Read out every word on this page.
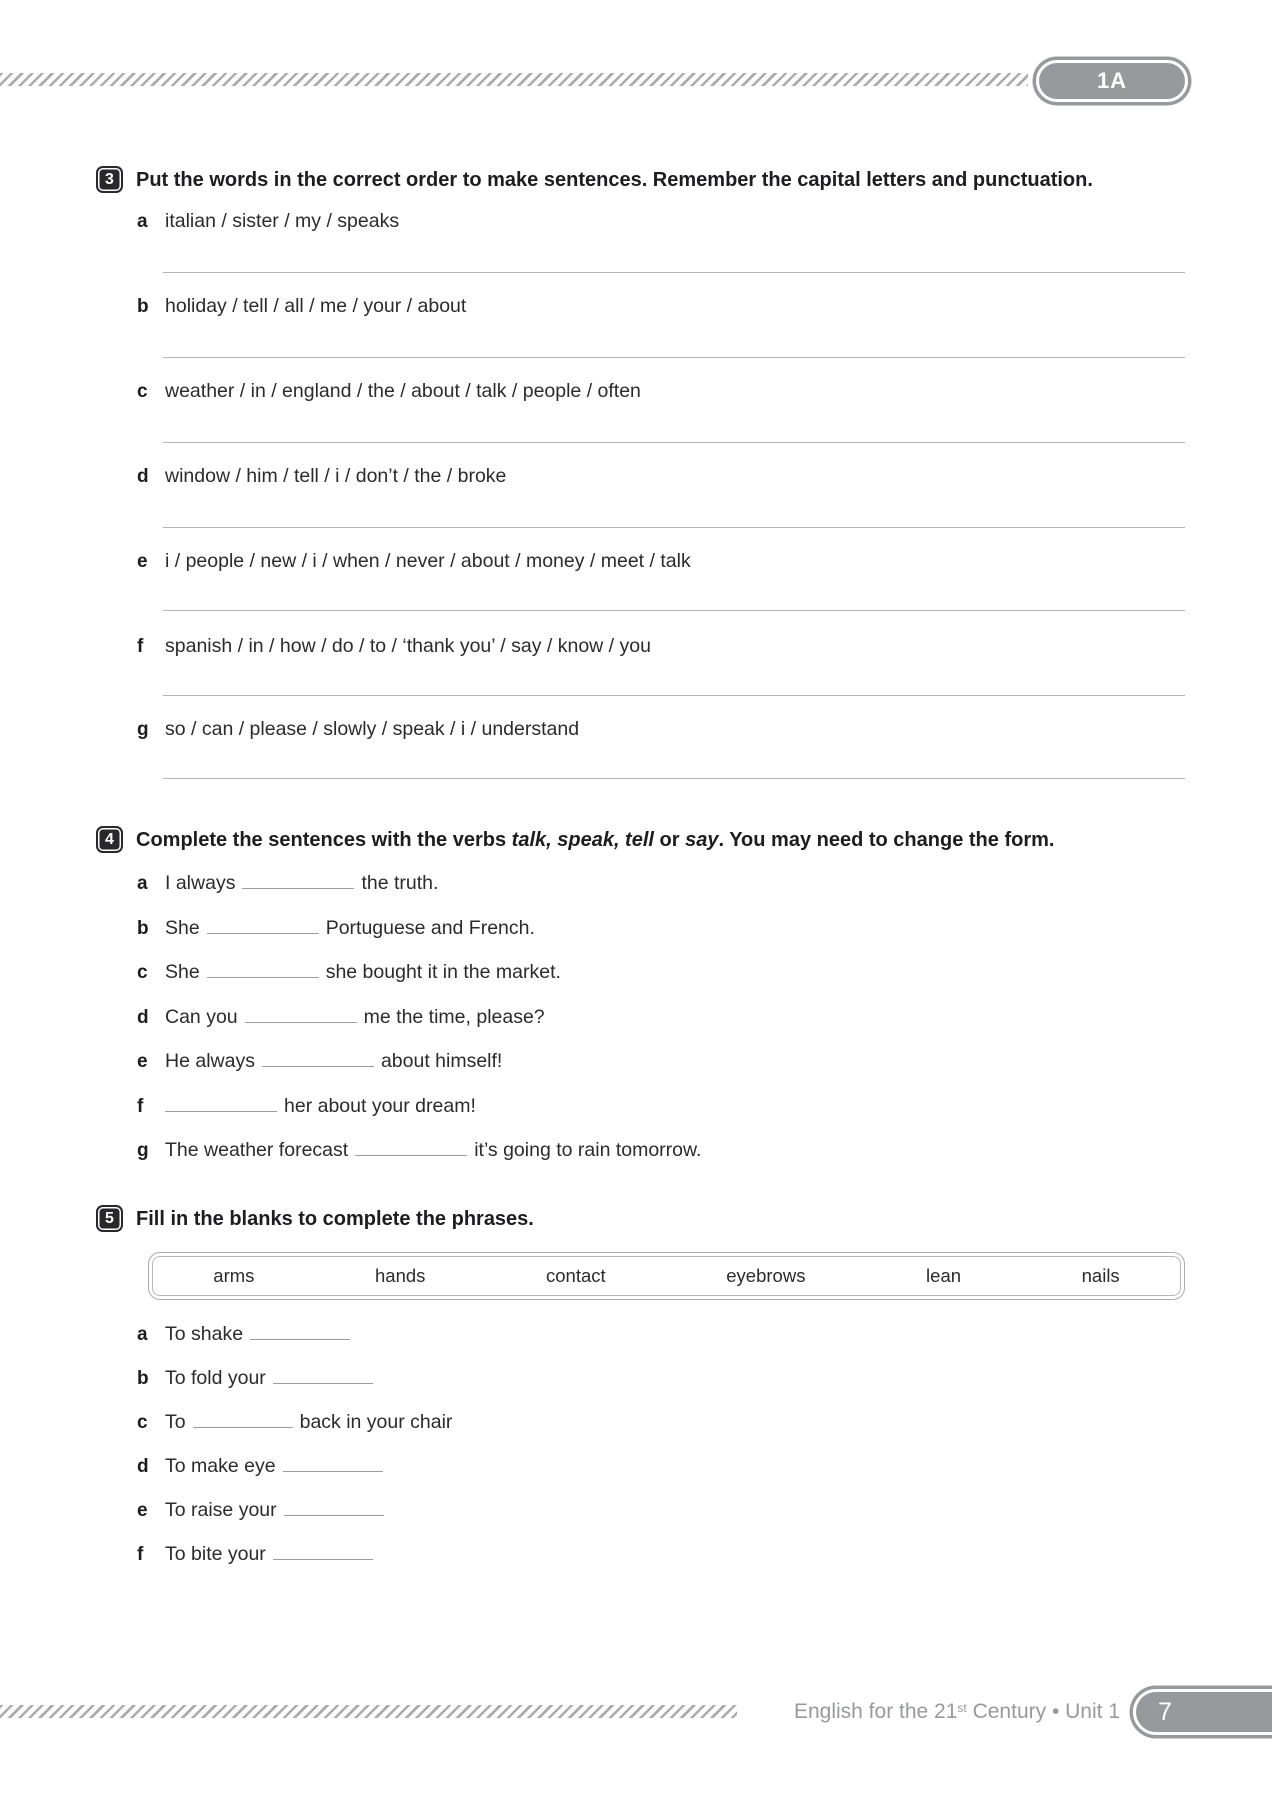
1A
3 Put the words in the correct order to make sentences. Remember the capital letters and punctuation.
a italian / sister / my / speaks
b holiday / tell / all / me / your / about
c weather / in / england / the / about / talk / people / often
d window / him / tell / i / don’t / the / broke
e i / people / new / i / when / never / about / money / meet / talk
f	spanish / in / how / do / to / ‘thank you’ / say / know / you
g so / can / please / slowly / speak / i / understand
4 Complete the sentences with the verbs talk, speak, tell or say. You may need to change the form.
a I always	the truth.
b She	Portuguese and French.
c She	she bought it in the market.
d Can you	me the time, please?
e He always	about himself!
f	her about your dream!
g The weather forecast	it’s going to rain tomorrow.
5 Fill in the blanks to complete the phrases.
arms	hands	contact	eyebrows	lean	nails
a To shake
b To fold your
c To	back in your chair
d To make eye
e To raise your
f	To bite your
English for the 21st Century • Unit 1 7
